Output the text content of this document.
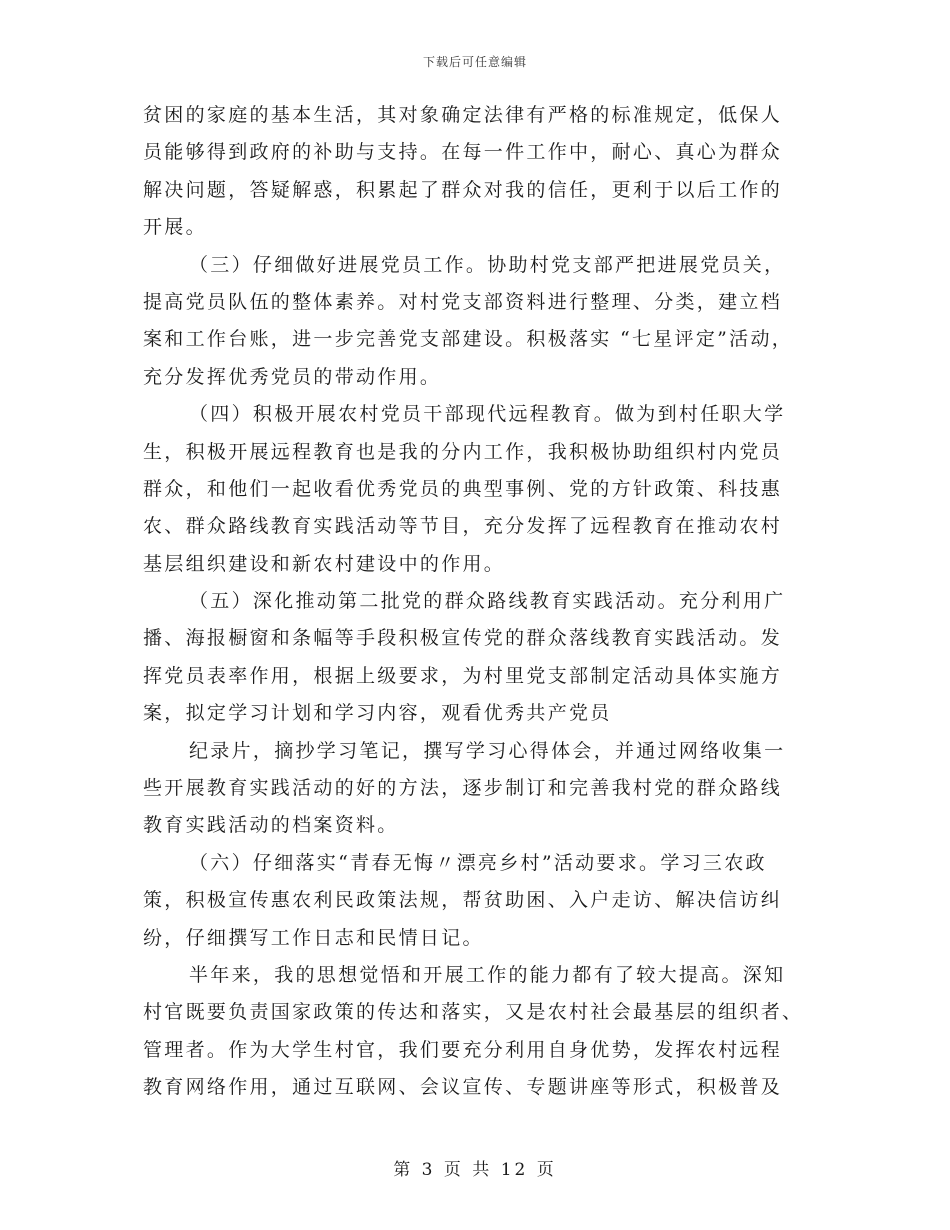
下载后可任意编辑
贫困的家庭的基本生活，其对象确定法律有严格的标准规定，低保人
员能够得到政府的补助与支持。在每一件工作中，耐心、真心为群众
解决问题，答疑解惑，积累起了群众对我的信任，更利于以后工作的
开展。
（三）仔细做好进展党员工作。协助村党支部严把进展党员关，
提高党员队伍的整体素养。对村党支部资料进行整理、分类，建立档
案和工作台账，进一步完善党支部建设。积极落实 “七星评定”活动，
充分发挥优秀党员的带动作用。
（四）积极开展农村党员干部现代远程教育。做为到村任职大学
生，积极开展远程教育也是我的分内工作，我积极协助组织村内党员
群众，和他们一起收看优秀党员的典型事例、党的方针政策、科技惠
农、群众路线教育实践活动等节目，充分发挥了远程教育在推动农村
基层组织建设和新农村建设中的作用。
（五）深化推动第二批党的群众路线教育实践活动。充分利用广
播、海报橱窗和条幅等手段积极宣传党的群众落线教育实践活动。发
挥党员表率作用，根据上级要求，为村里党支部制定活动具体实施方
案，拟定学习计划和学习内容，观看优秀共产党员
纪录片，摘抄学习笔记，撰写学习心得体会，并通过网络收集一
些开展教育实践活动的好的方法，逐步制订和完善我村党的群众路线
教育实践活动的档案资料。
（六）仔细落实“青春无悔〃漂亮乡村”活动要求。学习三农政
策，积极宣传惠农利民政策法规，帮贫助困、入户走访、解决信访纠
纷，仔细撰写工作日志和民情日记。
半年来，我的思想觉悟和开展工作的能力都有了较大提高。深知
村官既要负责国家政策的传达和落实，又是农村社会最基层的组织者、
管理者。作为大学生村官，我们要充分利用自身优势，发挥农村远程
教育网络作用，通过互联网、会议宣传、专题讲座等形式，积极普及
第 3 页 共 12 页
